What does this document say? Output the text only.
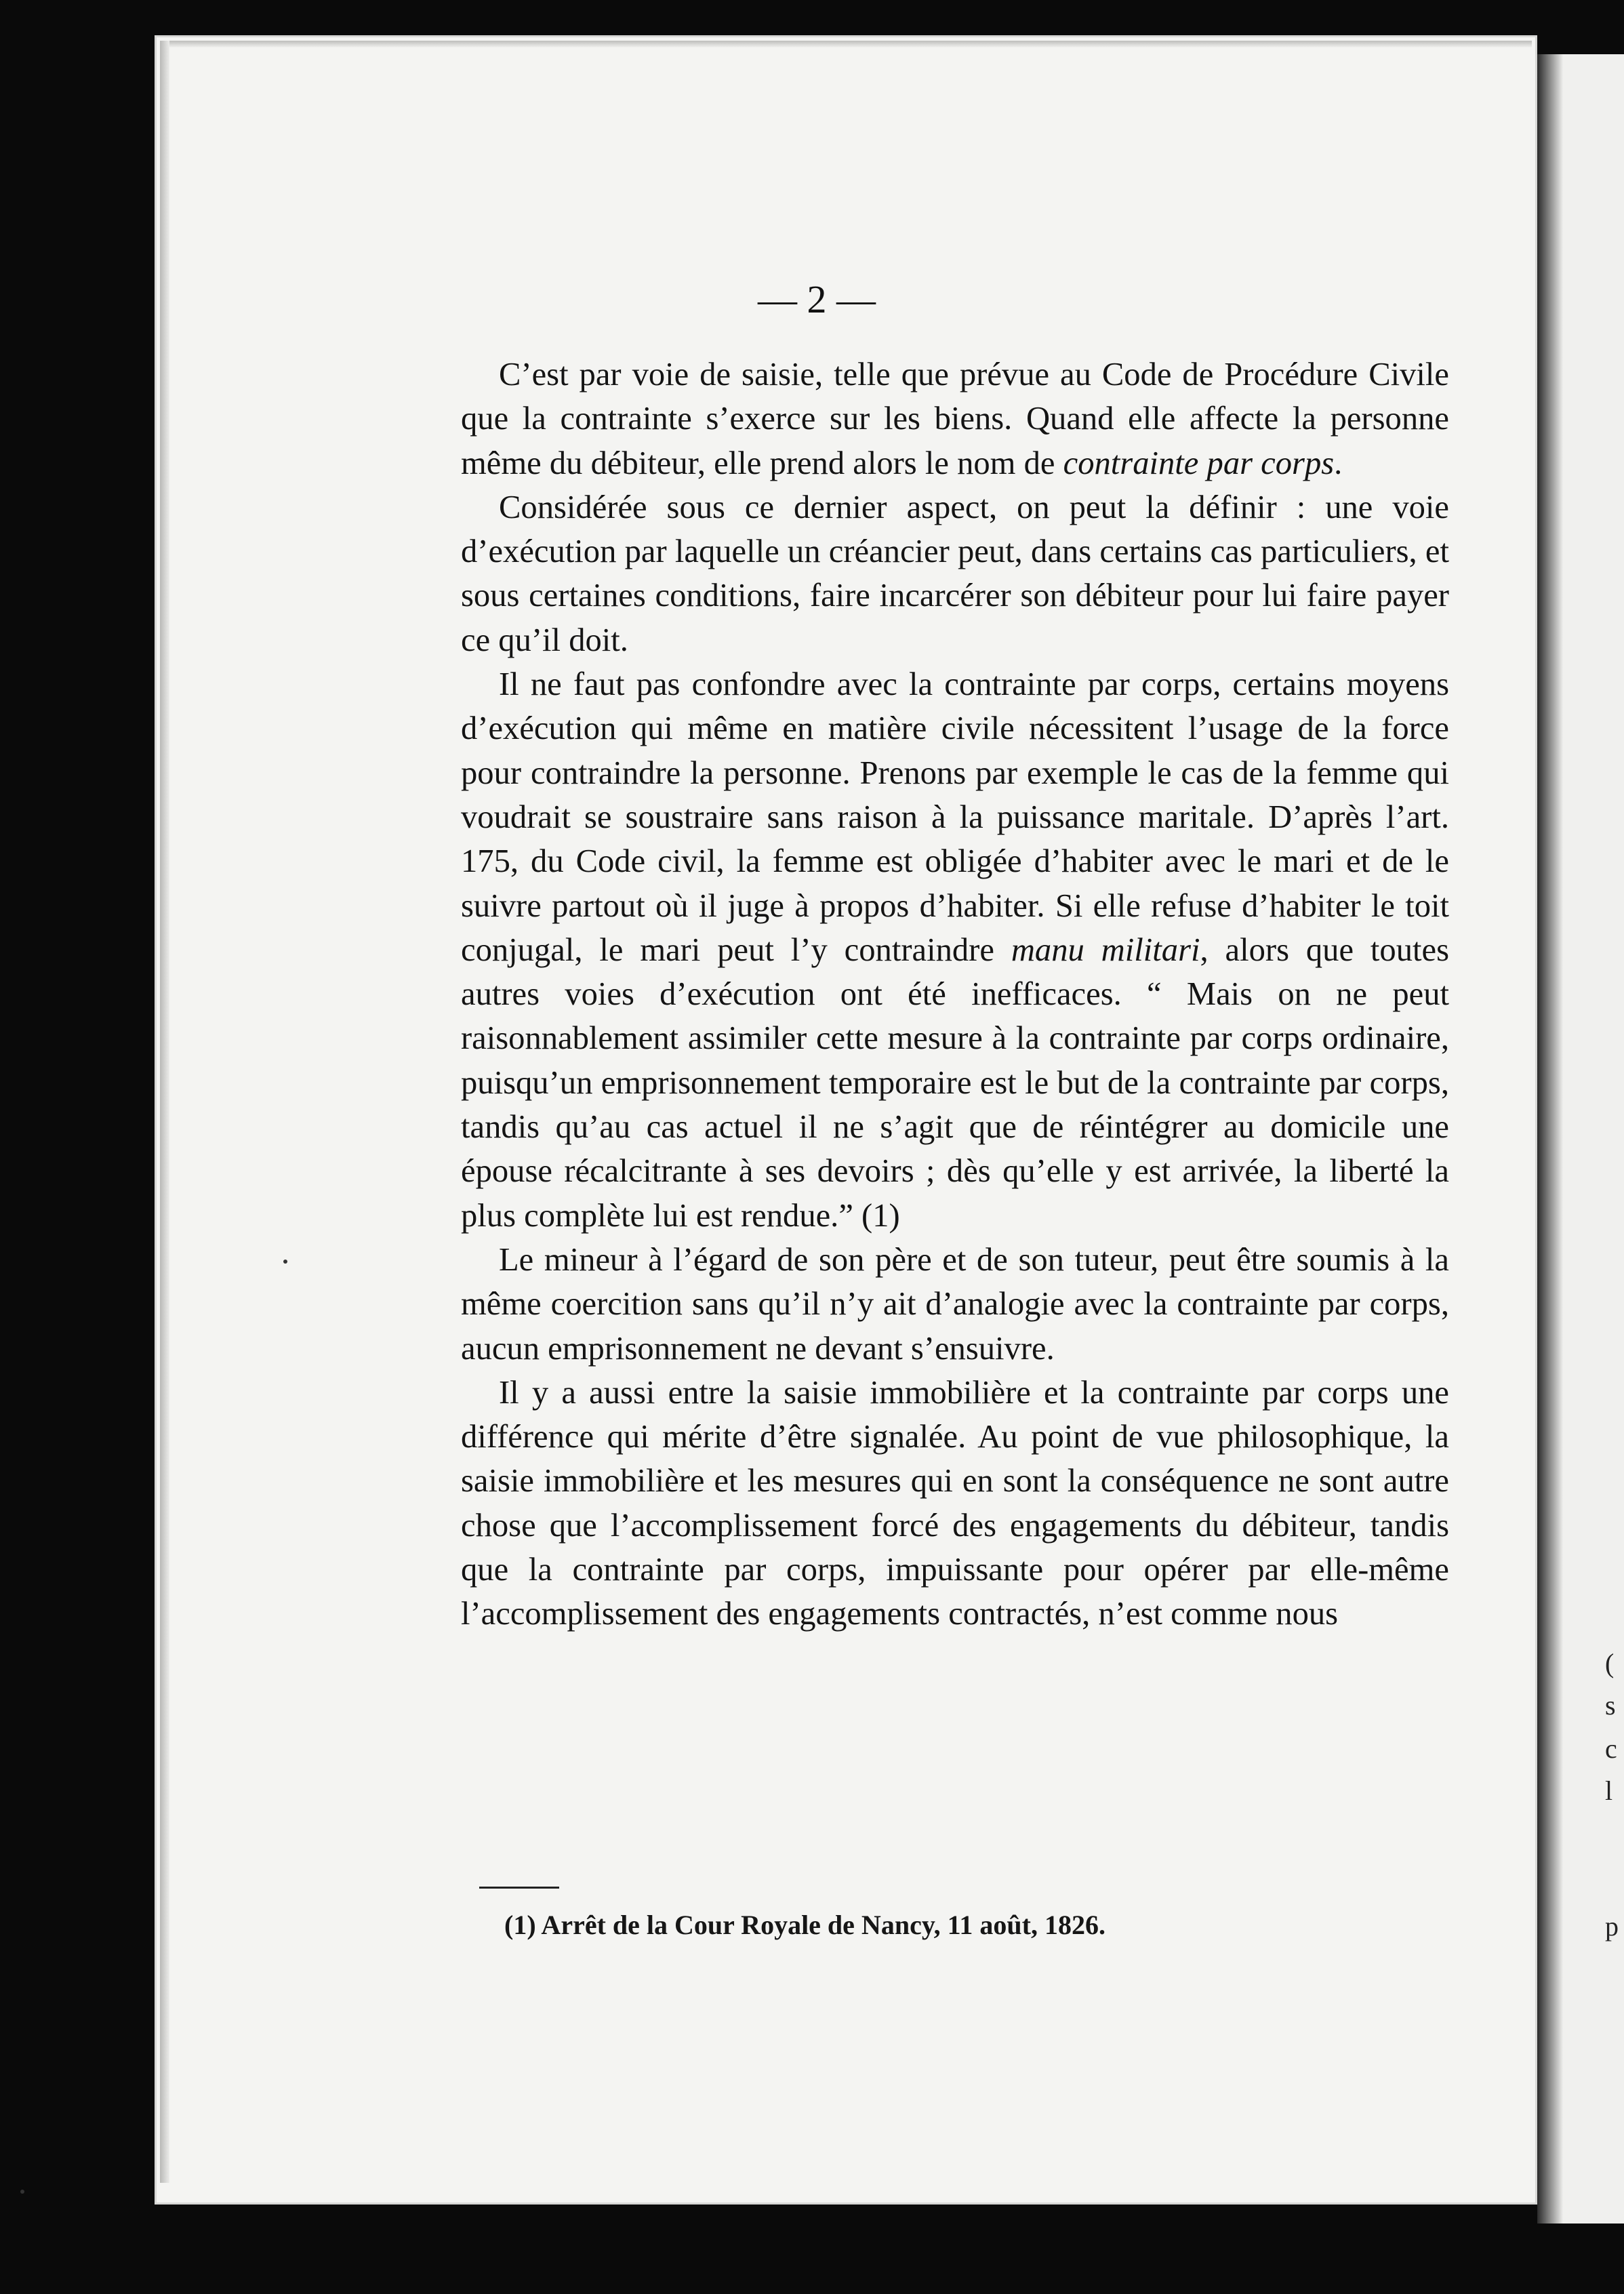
— 2 —

C’est par voie de saisie, telle que prévue au Code de Procédure Civile que la contrainte s’exerce sur les biens. Quand elle affecte la personne même du débiteur, elle prend alors le nom de contrainte par corps.

Considérée sous ce dernier aspect, on peut la définir : une voie d’exécution par laquelle un créancier peut, dans certains cas particuliers, et sous certaines conditions, faire incarcérer son débiteur pour lui faire payer ce qu’il doit.

Il ne faut pas confondre avec la contrainte par corps, certains moyens d’exécution qui même en matière civile nécessitent l’usage de la force pour contraindre la personne. Prenons par exemple le cas de la femme qui voudrait se soustraire sans raison à la puissance maritale. D’après l’art. 175, du Code civil, la femme est obligée d’habiter avec le mari et de le suivre partout où il juge à propos d’habiter. Si elle refuse d’habiter le toit conjugal, le mari peut l’y contraindre manu militari, alors que toutes autres voies d’exécution ont été inefficaces. “ Mais on ne peut raisonnablement assimiler cette mesure à la contrainte par corps ordinaire, puisqu’un emprisonnement temporaire est le but de la contrainte par corps, tandis qu’au cas actuel il ne s’agit que de réintégrer au domicile une épouse récalcitrante à ses devoirs ; dès qu’elle y est arrivée, la liberté la plus complète lui est rendue.” (1)

Le mineur à l’égard de son père et de son tuteur, peut être soumis à la même coercition sans qu’il n’y ait d’analogie avec la contrainte par corps, aucun emprisonnement ne devant s’ensuivre.

Il y a aussi entre la saisie immobilière et la contrainte par corps une différence qui mérite d’être signalée. Au point de vue philosophique, la saisie immobilière et les mesures qui en sont la conséquence ne sont autre chose que l’accomplissement forcé des engagements du débiteur, tandis que la contrainte par corps, impuissante pour opérer par elle-même l’accomplissement des engagements contractés, n’est comme nous

(1) Arrêt de la Cour Royale de Nancy, 11 août, 1826.
(
s
c
l
p
